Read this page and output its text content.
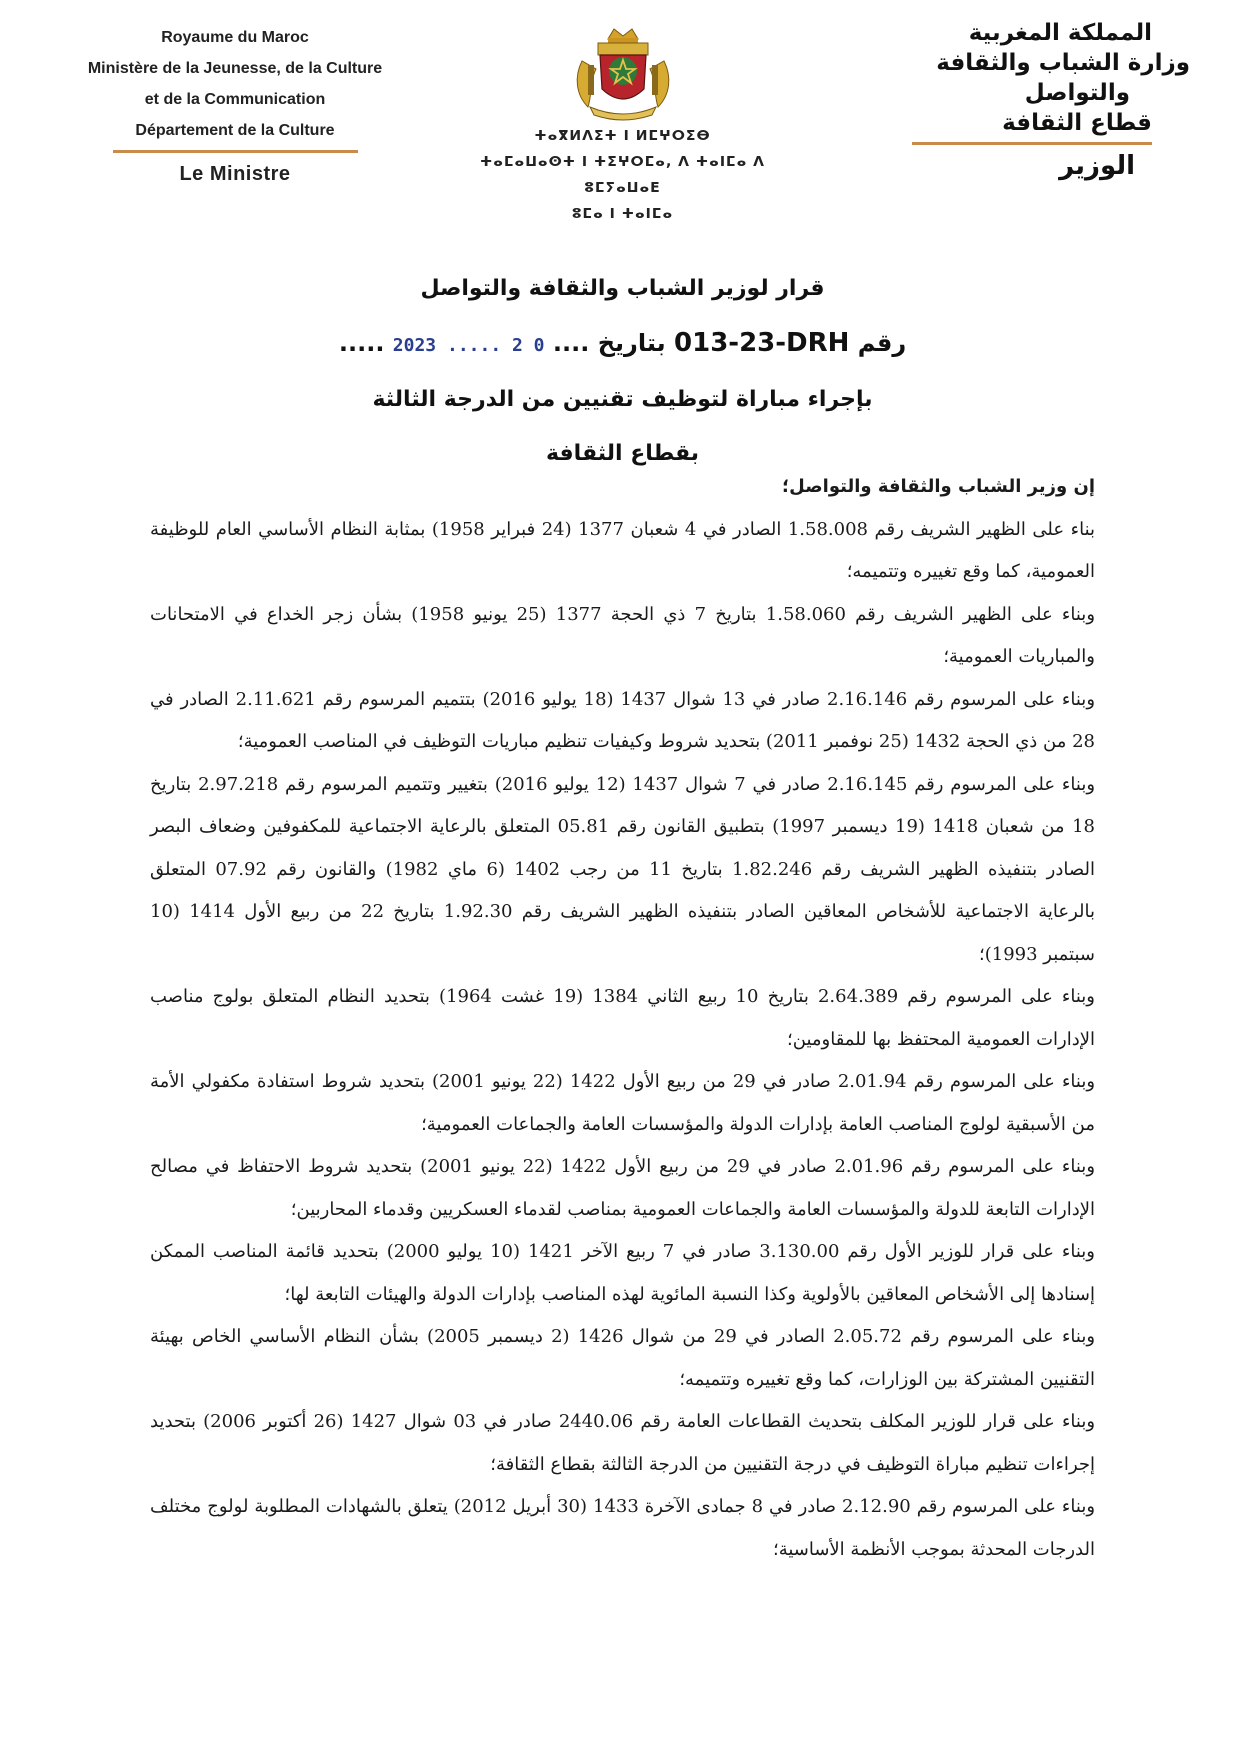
Royaume du Maroc
Ministère de la Jeunesse, de la Culture
et de la Communication
Département de la Culture
Le Ministre
ⵜⴰⴳⵍⴷⵉⵜ ⵏ ⵍⵎⵖⵔⵉⴱ
ⵜⴰⵎⴰⵡⴰⵙⵜ ⵏ ⵜⵉⵖⵔⵎⴰ, ⴷ ⵜⴰⵏⵎⴰ ⴷ ⵓⵎⵢⴰⵡⴰⴹ
ⵓⵎⴰ ⵏ ⵜⴰⵏⵎⴰ
المملكة المغربية
وزارة الشباب والثقافة
والتواصل
قطاع الثقافة
الوزير
قرار لوزير الشباب والثقافة والتواصل
رقم 013-23-DRH بتاريخ .... 2023 ..... 2 0 .....
بإجراء مباراة لتوظيف تقنيين من الدرجة الثالثة
بقطاع الثقافة

إن وزير الشباب والثقافة والتواصل؛

بناء على الظهير الشريف رقم 1.58.008 الصادر في 4 شعبان 1377 (24 فبراير 1958) بمثابة النظام الأساسي العام للوظيفة العمومية، كما وقع تغييره وتتميمه؛

وبناء على الظهير الشريف رقم 1.58.060 بتاريخ 7 ذي الحجة 1377 (25 يونيو 1958) بشأن زجر الخداع في الامتحانات والمباريات العمومية؛

وبناء على المرسوم رقم 2.16.146 صادر في 13 شوال 1437 (18 يوليو 2016) بتتميم المرسوم رقم 2.11.621 الصادر في 28 من ذي الحجة 1432 (25 نوفمبر 2011) بتحديد شروط وكيفيات تنظيم مباريات التوظيف في المناصب العمومية؛

وبناء على المرسوم رقم 2.16.145 صادر في 7 شوال 1437 (12 يوليو 2016) بتغيير وتتميم المرسوم رقم 2.97.218 بتاريخ 18 من شعبان 1418 (19 ديسمبر 1997) بتطبيق القانون رقم 05.81 المتعلق بالرعاية الاجتماعية للمكفوفين وضعاف البصر الصادر بتنفيذه الظهير الشريف رقم 1.82.246 بتاريخ 11 من رجب 1402 (6 ماي 1982) والقانون رقم 07.92 المتعلق بالرعاية الاجتماعية للأشخاص المعاقين الصادر بتنفيذه الظهير الشريف رقم 1.92.30 بتاريخ 22 من ربيع الأول 1414 (10 سبتمبر 1993)؛

وبناء على المرسوم رقم 2.64.389 بتاريخ 10 ربيع الثاني 1384 (19 غشت 1964) بتحديد النظام المتعلق بولوج مناصب الإدارات العمومية المحتفظ بها للمقاومين؛

وبناء على المرسوم رقم 2.01.94 صادر في 29 من ربيع الأول 1422 (22 يونيو 2001) بتحديد شروط استفادة مكفولي الأمة من الأسبقية لولوج المناصب العامة بإدارات الدولة والمؤسسات العامة والجماعات العمومية؛

وبناء على المرسوم رقم 2.01.96 صادر في 29 من ربيع الأول 1422 (22 يونيو 2001) بتحديد شروط الاحتفاظ في مصالح الإدارات التابعة للدولة والمؤسسات العامة والجماعات العمومية بمناصب لقدماء العسكريين وقدماء المحاربين؛

وبناء على قرار للوزير الأول رقم 3.130.00 صادر في 7 ربيع الآخر 1421 (10 يوليو 2000) بتحديد قائمة المناصب الممكن إسنادها إلى الأشخاص المعاقين بالأولوية وكذا النسبة المائوية لهذه المناصب بإدارات الدولة والهيئات التابعة لها؛

وبناء على المرسوم رقم 2.05.72 الصادر في 29 من شوال 1426 (2 ديسمبر 2005) بشأن النظام الأساسي الخاص بهيئة التقنيين المشتركة بين الوزارات، كما وقع تغييره وتتميمه؛

وبناء على قرار للوزير المكلف بتحديث القطاعات العامة رقم 2440.06 صادر في 03 شوال 1427 (26 أكتوبر 2006) بتحديد إجراءات تنظيم مباراة التوظيف في درجة التقنيين من الدرجة الثالثة بقطاع الثقافة؛

وبناء على المرسوم رقم 2.12.90 صادر في 8 جمادى الآخرة 1433 (30 أبريل 2012) يتعلق بالشهادات المطلوبة لولوج مختلف الدرجات المحدثة بموجب الأنظمة الأساسية؛
